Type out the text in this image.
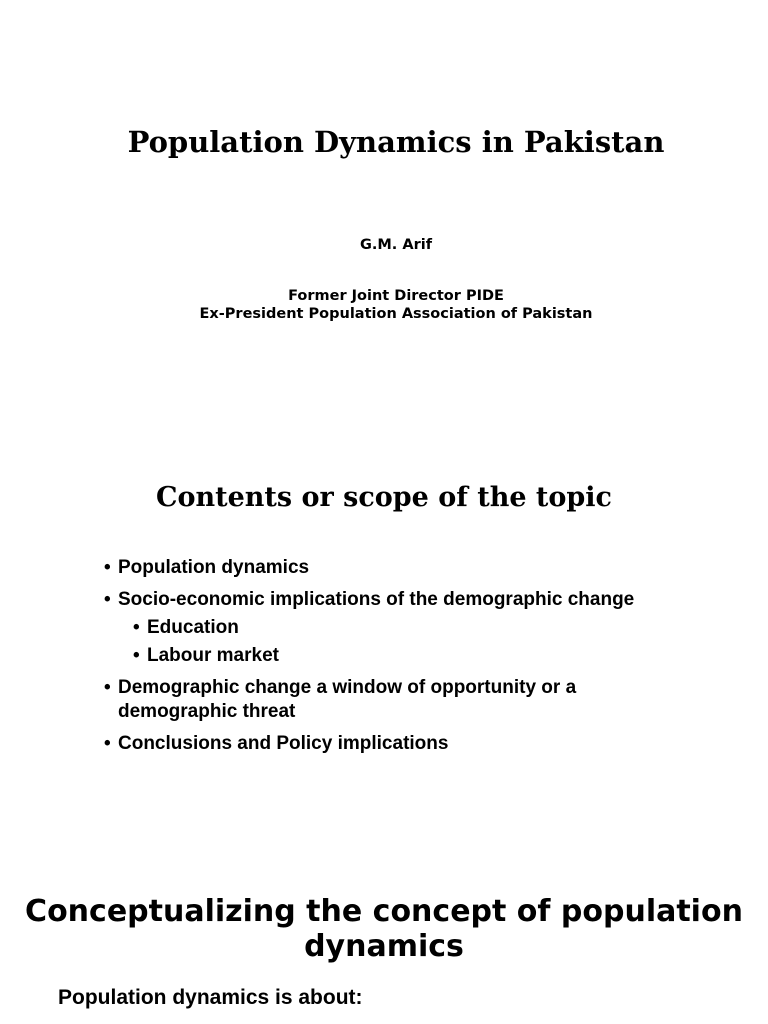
Population Dynamics in Pakistan
G.M. Arif
Former Joint Director PIDE
Ex-President Population Association of Pakistan
Contents or scope of the topic
• Population dynamics
• Socio-economic implications of the demographic change
• Education
• Labour market
• Demographic change a window of opportunity or a demographic threat
• Conclusions and Policy implications
Conceptualizing the concept of population dynamics
Population dynamics is about:
